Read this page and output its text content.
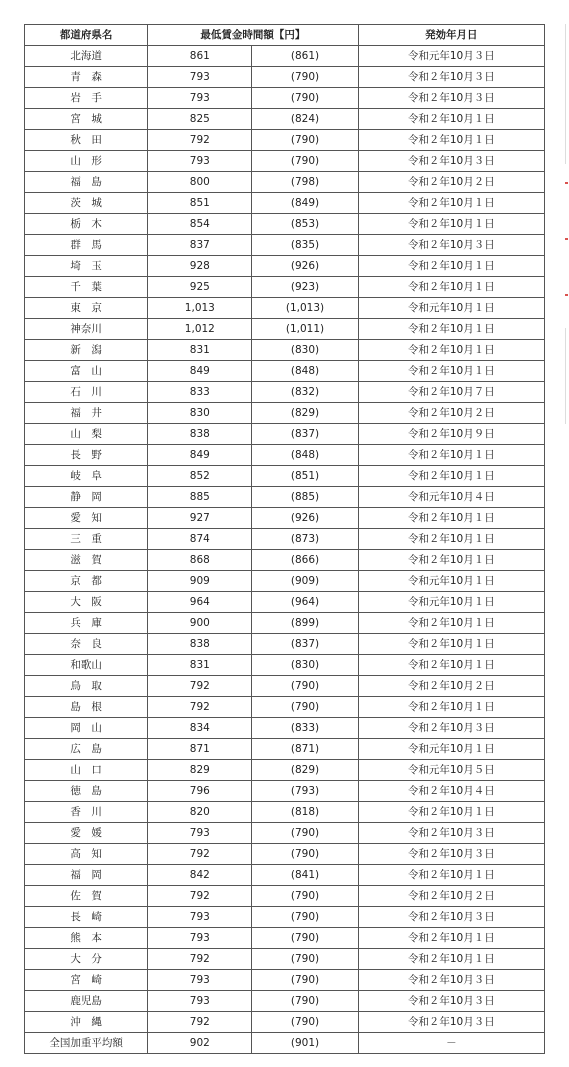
都道府県名	最低賃金時間額【円】		発効年月日
北海道	861	(861)	令和元年10月３日
青　森	793	(790)	令和２年10月３日
岩　手	793	(790)	令和２年10月３日
宮　城	825	(824)	令和２年10月１日
秋　田	792	(790)	令和２年10月１日
山　形	793	(790)	令和２年10月３日
福　島	800	(798)	令和２年10月２日
茨　城	851	(849)	令和２年10月１日
栃　木	854	(853)	令和２年10月１日
群　馬	837	(835)	令和２年10月３日
埼　玉	928	(926)	令和２年10月１日
千　葉	925	(923)	令和２年10月１日
東　京	1,013	(1,013)	令和元年10月１日
神奈川	1,012	(1,011)	令和２年10月１日
新　潟	831	(830)	令和２年10月１日
富　山	849	(848)	令和２年10月１日
石　川	833	(832)	令和２年10月７日
福　井	830	(829)	令和２年10月２日
山　梨	838	(837)	令和２年10月９日
長　野	849	(848)	令和２年10月１日
岐　阜	852	(851)	令和２年10月１日
静　岡	885	(885)	令和元年10月４日
愛　知	927	(926)	令和２年10月１日
三　重	874	(873)	令和２年10月１日
滋　賀	868	(866)	令和２年10月１日
京　都	909	(909)	令和元年10月１日
大　阪	964	(964)	令和元年10月１日
兵　庫	900	(899)	令和２年10月１日
奈　良	838	(837)	令和２年10月１日
和歌山	831	(830)	令和２年10月１日
鳥　取	792	(790)	令和２年10月２日
島　根	792	(790)	令和２年10月１日
岡　山	834	(833)	令和２年10月３日
広　島	871	(871)	令和元年10月１日
山　口	829	(829)	令和元年10月５日
徳　島	796	(793)	令和２年10月４日
香　川	820	(818)	令和２年10月１日
愛　媛	793	(790)	令和２年10月３日
高　知	792	(790)	令和２年10月３日
福　岡	842	(841)	令和２年10月１日
佐　賀	792	(790)	令和２年10月２日
長　崎	793	(790)	令和２年10月３日
熊　本	793	(790)	令和２年10月１日
大　分	792	(790)	令和２年10月１日
宮　崎	793	(790)	令和２年10月３日
鹿児島	793	(790)	令和２年10月３日
沖　縄	792	(790)	令和２年10月３日
全国加重平均額	902	(901)	－
